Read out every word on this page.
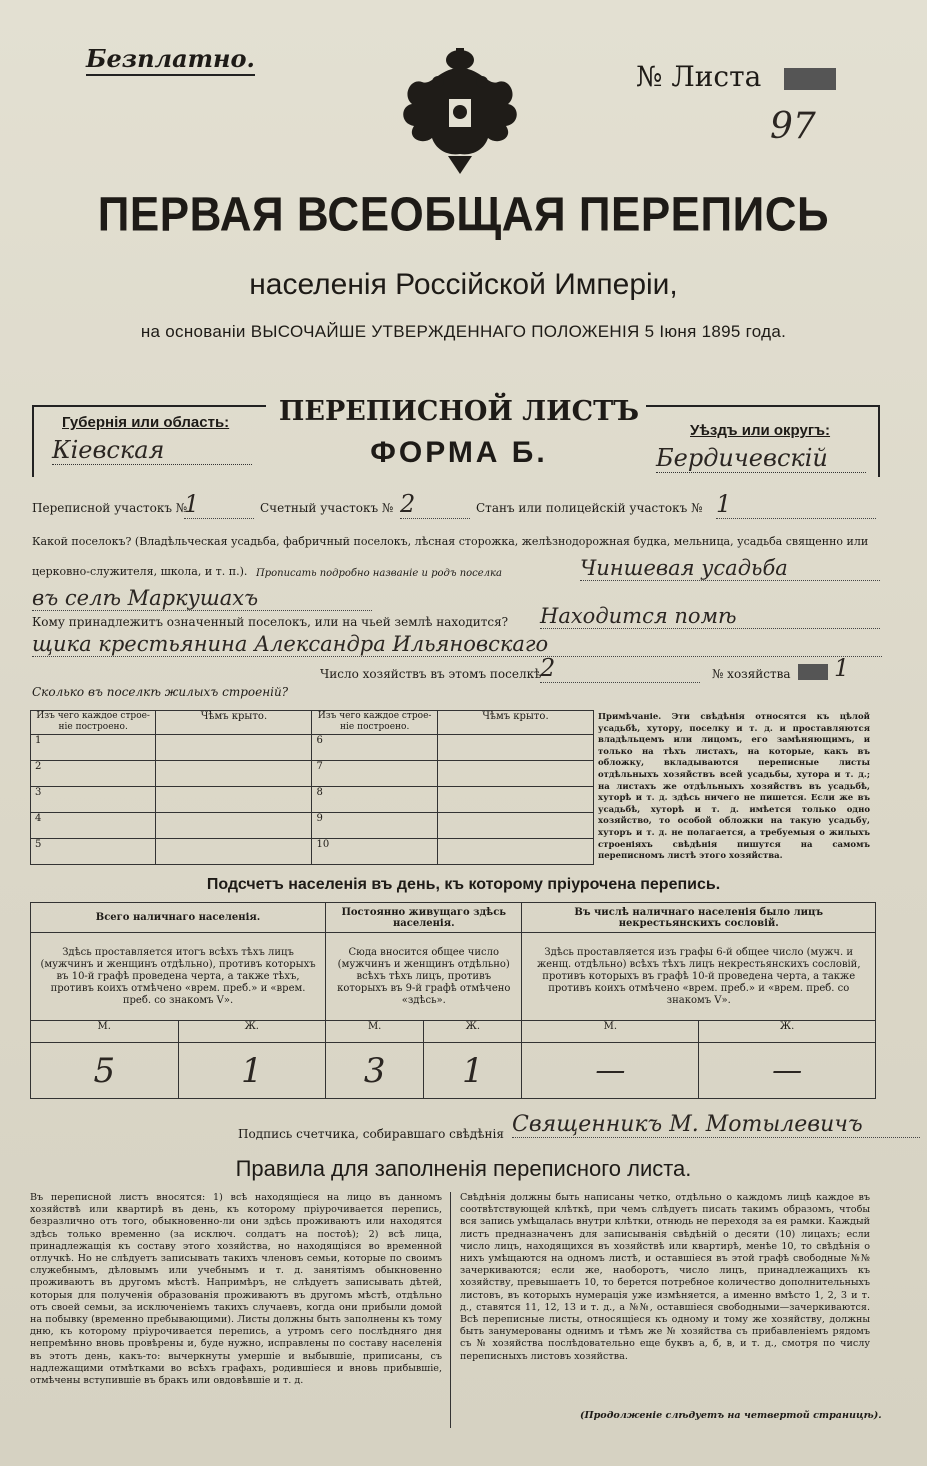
Безплатно.
№ Листа
97
ПЕРВАЯ ВСЕОБЩАЯ ПЕРЕПИСЬ
населенія Россійской Имперіи,
на основаніи ВЫСОЧАЙШЕ УТВЕРЖДЕННАГО ПОЛОЖЕНІЯ 5 Іюня 1895 года.
Губернія или область:
Кіевская
ПЕРЕПИСНОЙ ЛИСТЪ
ФОРМА Б.
Уѣздъ или округъ:
Бердичевскій
Переписной участокъ №
1	Счетный участокъ № 2	Станъ или полицейскій участокъ № 1
Какой поселокъ? (Владѣльческая усадьба, фабричный поселокъ, лѣсная сторожка, желѣзнодорожная будка, мельница, усадьба священно или
церковно-служителя, школа, и т. п.). Прописать подробно названіе и родъ поселка	Чиншевая усадьба
въ селѣ Маркушахъ
Кому принадлежитъ означенный поселокъ, или на чьей землѣ находится? Находится помѣ
щика крестьянина Александра Ильяновскаго
Число хозяйствъ въ этомъ поселкѣ
2	№ хозяйства 1
Сколько въ поселкѣ жилыхъ строеній?
Изъ чего каждое строе-ніе построено.	Чѣмъ крыто.	Изъ чего каждое строе-ніе построено.	Чѣмъ крыто.
1		6	
2		7	
3		8	
4		9	
5		10	
Примѣчаніе. Эти свѣдѣнія относятся къ цѣлой усадьбѣ, хутору, поселку и т. д. и проставляются владѣльцемъ или лицомъ, его замѣняющимъ, и только на тѣхъ листахъ, на которые, какъ въ обложку, вкладываются переписные листы отдѣльныхъ хозяйствъ всей усадьбы, хутора и т. д.; на листахъ же отдѣльныхъ хозяйствъ въ усадьбѣ, хуторѣ и т. д. здѣсь ничего не пишется. Если же въ усадьбѣ, хуторѣ и т. д. имѣется только одно хозяйство, то особой обложки на такую усадьбу, хуторъ и т. д. не полагается, а требуемыя о жилыхъ строеніяхъ свѣдѣнія пишутся на самомъ переписномъ листѣ этого хозяйства.
Подсчетъ населенія въ день, къ которому пріурочена перепись.
Всего наличнаго населенія.		Постоянно живущаго здѣсь населенія.		Въ числѣ наличнаго населенія было лицъ некрестьянскихъ сословій.	
Здѣсь проставляется итогъ всѣхъ тѣхъ лицъ (мужчинъ и женщинъ отдѣльно), противъ которыхъ въ 10-й графѣ проведена черта, а также тѣхъ, противъ коихъ отмѣчено «врем. преб.» и «врем. преб. со знакомъ V».		Сюда вносится общее число (мужчинъ и женщинъ отдѣльно) всѣхъ тѣхъ лицъ, противъ которыхъ въ 9-й графѣ отмѣчено «здѣсь».		Здѣсь проставляется изъ графы 6-й общее число (мужч. и женщ. отдѣльно) всѣхъ тѣхъ лицъ некрестьянскихъ сословій, противъ которыхъ въ графѣ 10-й проведена черта, а также противъ коихъ отмѣчено «врем. преб.» и «врем. преб. со знакомъ V».	
М.	Ж.	М.	Ж.	М.	Ж.
5	1	3	1	—	—
Подпись счетчика, собиравшаго свѣдѣнія Священникъ М. Мотылевичъ
Правила для заполненія переписного листа.
Въ переписной листъ вносятся: 1) всѣ находящіеся на лицо въ данномъ хозяйствѣ или квартирѣ въ день, къ которому пріурочивается перепись, безразлично отъ того, обыкновенно-ли они здѣсь проживаютъ или находятся здѣсь только временно (за исключ. солдатъ на постоѣ); 2) всѣ лица, принадлежащія къ составу этого хозяйства, но находящіяся во временной отлучкѣ. Но не слѣдуетъ записывать такихъ членовъ семьи, которые по своимъ служебнымъ, дѣловымъ или учебнымъ и т. д. занятіямъ обыкновенно проживаютъ въ другомъ мѣстѣ. Напримѣръ, не слѣдуетъ записывать дѣтей, которыя для полученія образованія проживаютъ въ другомъ мѣстѣ, отдѣльно отъ своей семьи, за исключеніемъ такихъ случаевъ, когда они прибыли домой на побывку (временно пребывающими). Листы должны быть заполнены къ тому дню, къ которому пріурочивается перепись, а утромъ сего послѣдняго дня непремѣнно вновь провѣрены и, буде нужно, исправлены по составу населенія въ этотъ день, какъ-то: вычеркнуты умершіе и выбывшіе, приписаны, съ надлежащими отмѣтками во всѣхъ графахъ, родившіеся и вновь прибывшіе, отмѣчены вступившіе въ бракъ или овдовѣвшіе и т. д.
Свѣдѣнія должны быть написаны четко, отдѣльно о каждомъ лицѣ каждое въ соотвѣтствующей клѣткѣ, при чемъ слѣдуетъ писать такимъ образомъ, чтобы вся запись умѣщалась внутри клѣтки, отнюдь не переходя за ея рамки. Каждый листъ предназначенъ для записыванія свѣдѣній о десяти (10) лицахъ; если число лицъ, находящихся въ хозяйствѣ или квартирѣ, менѣе 10, то свѣдѣнія о нихъ умѣщаются на одномъ листѣ, и оставшіеся въ этой графѣ свободные №№ зачеркиваются; если же, наоборотъ, число лицъ, принадлежащихъ къ хозяйству, превышаетъ 10, то берется потребное количество дополнительныхъ листовъ, въ которыхъ нумерація уже измѣняется, а именно вмѣсто 1, 2, 3 и т. д., ставятся 11, 12, 13 и т. д., а №№, оставшіеся свободными—зачеркиваются. Всѣ переписные листы, относящіеся къ одному и тому же хозяйству, должны быть занумерованы однимъ и тѣмъ же № хозяйства съ прибавленіемъ рядомъ съ № хозяйства послѣдовательно еще буквъ а, б, в, и т. д., смотря по числу переписныхъ листовъ хозяйства.
(Продолженіе слѣдуетъ на четвертой страницѣ).
